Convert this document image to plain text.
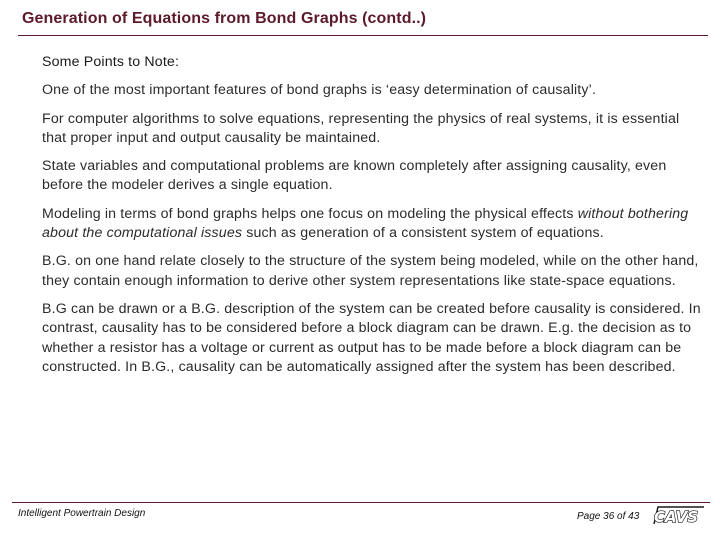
Generation of Equations from Bond Graphs (contd..)
Some Points to Note:
One of the most important features of bond graphs is ‘easy determination of causality’.
For computer algorithms to solve equations, representing the physics of real systems, it is essential that proper input and output causality be maintained.
State variables and computational problems are known completely after assigning causality, even before the modeler derives a single equation.
Modeling in terms of bond graphs helps one focus on modeling the physical effects without bothering about the computational issues such as generation of a consistent system of equations.
B.G. on one hand relate closely to the structure of the system being modeled, while on the other hand, they contain enough information to derive other system representations like state-space equations.
B.G can be drawn or a B.G. description of the system can be created before causality is considered. In contrast, causality has to be considered before a block diagram can be drawn. E.g. the decision as to whether a resistor has a voltage or current as output has to be made before a block diagram can be constructed. In B.G., causality can be automatically assigned after the system has been described.
Intelligent Powertrain Design	Page 36 of 43 CAVS
